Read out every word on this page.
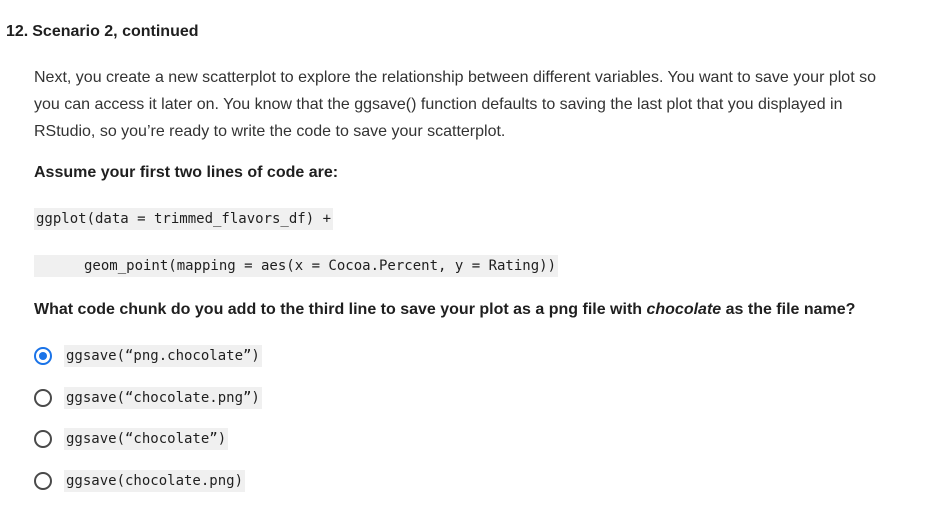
12. Scenario 2, continued

Next, you create a new scatterplot to explore the relationship between different variables. You want to save your plot so you can access it later on. You know that the ggsave() function defaults to saving the last plot that you displayed in RStudio, so you’re ready to write the code to save your scatterplot.

Assume your first two lines of code are:

ggplot(data = trimmed_flavors_df) +
geom_point(mapping = aes(x = Cocoa.Percent, y = Rating))

What code chunk do you add to the third line to save your plot as a png file with chocolate as the file name?

ggsave(“png.chocolate”)
ggsave(“chocolate.png”)
ggsave(“chocolate”)
ggsave(chocolate.png)
